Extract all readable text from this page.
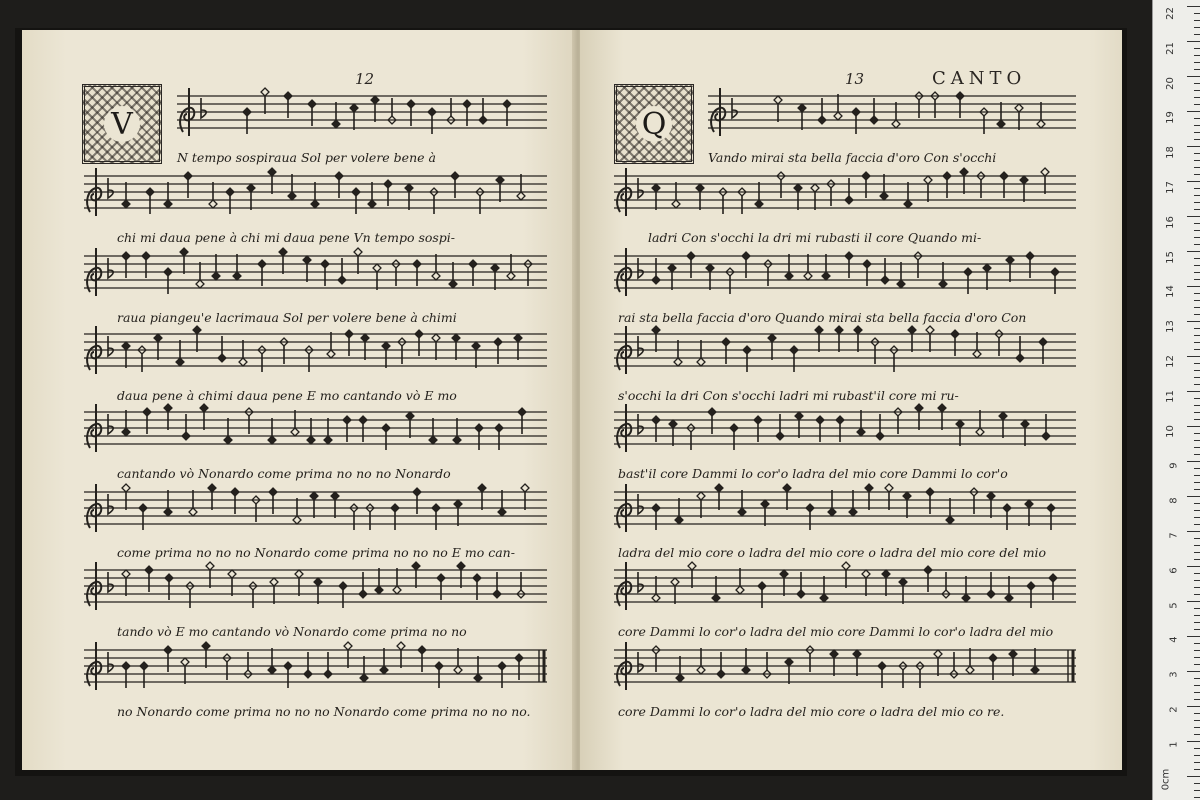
12
V
N tempo sospiraua Sol per volere bene à
chi mi daua pene à chi mi daua pene Vn tempo sospi-
raua piangeu'e lacrimaua Sol per volere bene à chimi
daua pene à chimi daua pene E mo cantando vò E mo
cantando vò Nonardo come prima no no no Nonardo
come prima no no no Nonardo come prima no no no E mo can-
tando vò E mo cantando vò Nonardo come prima no no
no Nonardo come prima no no no Nonardo come prima no no no.
13	CANTO
Q
Vando mirai sta bella faccia d'oro Con s'occhi
ladri Con s'occhi la dri mi rubasti il core Quando mi-
rai sta bella faccia d'oro Quando mirai sta bella faccia d'oro Con
s'occhi la dri Con s'occhi ladri mi rubast'il core mi ru-
bast'il core Dammi lo cor'o ladra del mio core Dammi lo cor'o
ladra del mio core o ladra del mio core o ladra del mio core del mio
core Dammi lo cor'o ladra del mio core Dammi lo cor'o ladra del mio
core Dammi lo cor'o ladra del mio core o ladra del mio co re.
22
21
20
19
18
17
16
15
14
13
12
11
10
9
8
7
6
5
4
3
2
1
0cm
